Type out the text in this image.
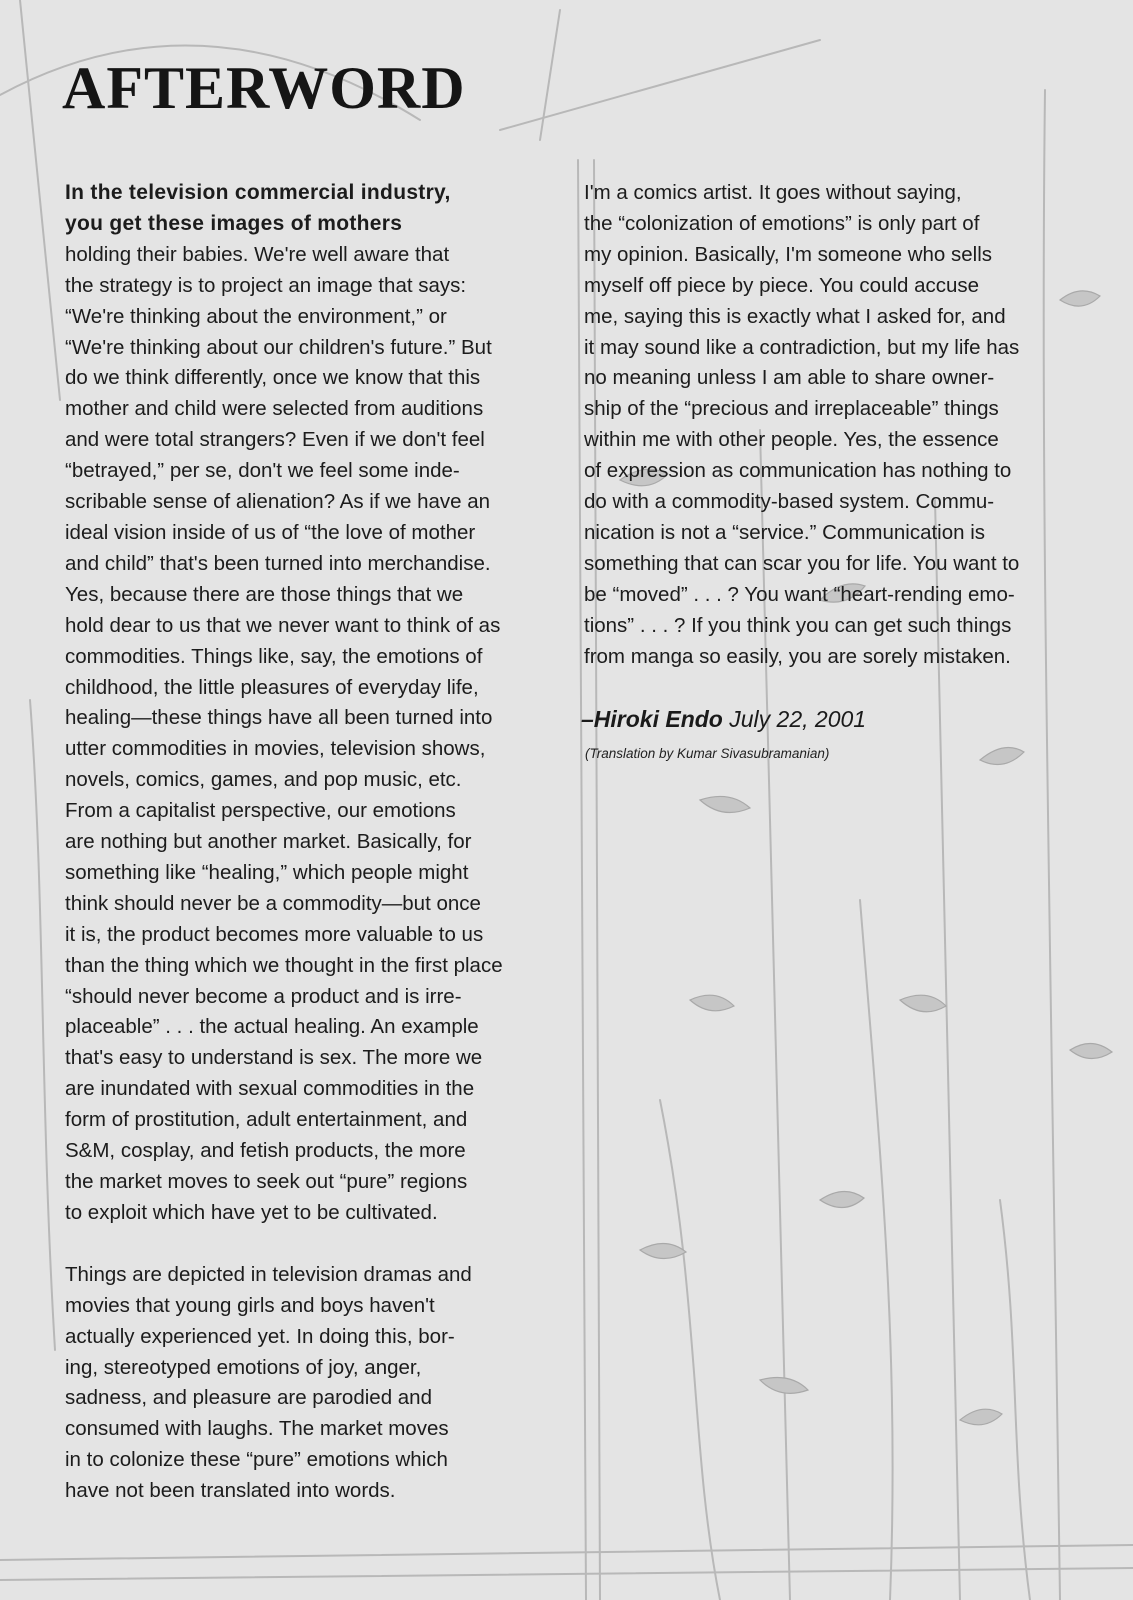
AFTERWORD
In the television commercial industry,
you get these images of mothers
holding their babies. We're well aware that
the strategy is to project an image that says:
“We're thinking about the environment,” or
“We're thinking about our children's future.” But
do we think differently, once we know that this
mother and child were selected from auditions
and were total strangers? Even if we don't feel
“betrayed,” per se, don't we feel some inde-
scribable sense of alienation? As if we have an
ideal vision inside of us of “the love of mother
and child” that's been turned into merchandise.
Yes, because there are those things that we
hold dear to us that we never want to think of as
commodities. Things like, say, the emotions of
childhood, the little pleasures of everyday life,
healing—these things have all been turned into
utter commodities in movies, television shows,
novels, comics, games, and pop music, etc.
From a capitalist perspective, our emotions
are nothing but another market. Basically, for
something like “healing,” which people might
think should never be a commodity—but once
it is, the product becomes more valuable to us
than the thing which we thought in the first place
“should never become a product and is irre-
placeable” . . . the actual healing. An example
that's easy to understand is sex. The more we
are inundated with sexual commodities in the
form of prostitution, adult entertainment, and
S&M, cosplay, and fetish products, the more
the market moves to seek out “pure” regions
to exploit which have yet to be cultivated.
Things are depicted in television dramas and
movies that young girls and boys haven't
actually experienced yet. In doing this, bor-
ing, stereotyped emotions of joy, anger,
sadness, and pleasure are parodied and
consumed with laughs. The market moves
in to colonize these “pure” emotions which
have not been translated into words.
I'm a comics artist. It goes without saying,
the “colonization of emotions” is only part of
my opinion. Basically, I'm someone who sells
myself off piece by piece. You could accuse
me, saying this is exactly what I asked for, and
it may sound like a contradiction, but my life has
no meaning unless I am able to share owner-
ship of the “precious and irreplaceable” things
within me with other people. Yes, the essence
of expression as communication has nothing to
do with a commodity-based system. Commu-
nication is not a “service.” Communication is
something that can scar you for life. You want to
be “moved” . . . ? You want “heart-rending emo-
tions” . . . ? If you think you can get such things
from manga so easily, you are sorely mistaken.
–Hiroki Endo July 22, 2001
(Translation by Kumar Sivasubramanian)
